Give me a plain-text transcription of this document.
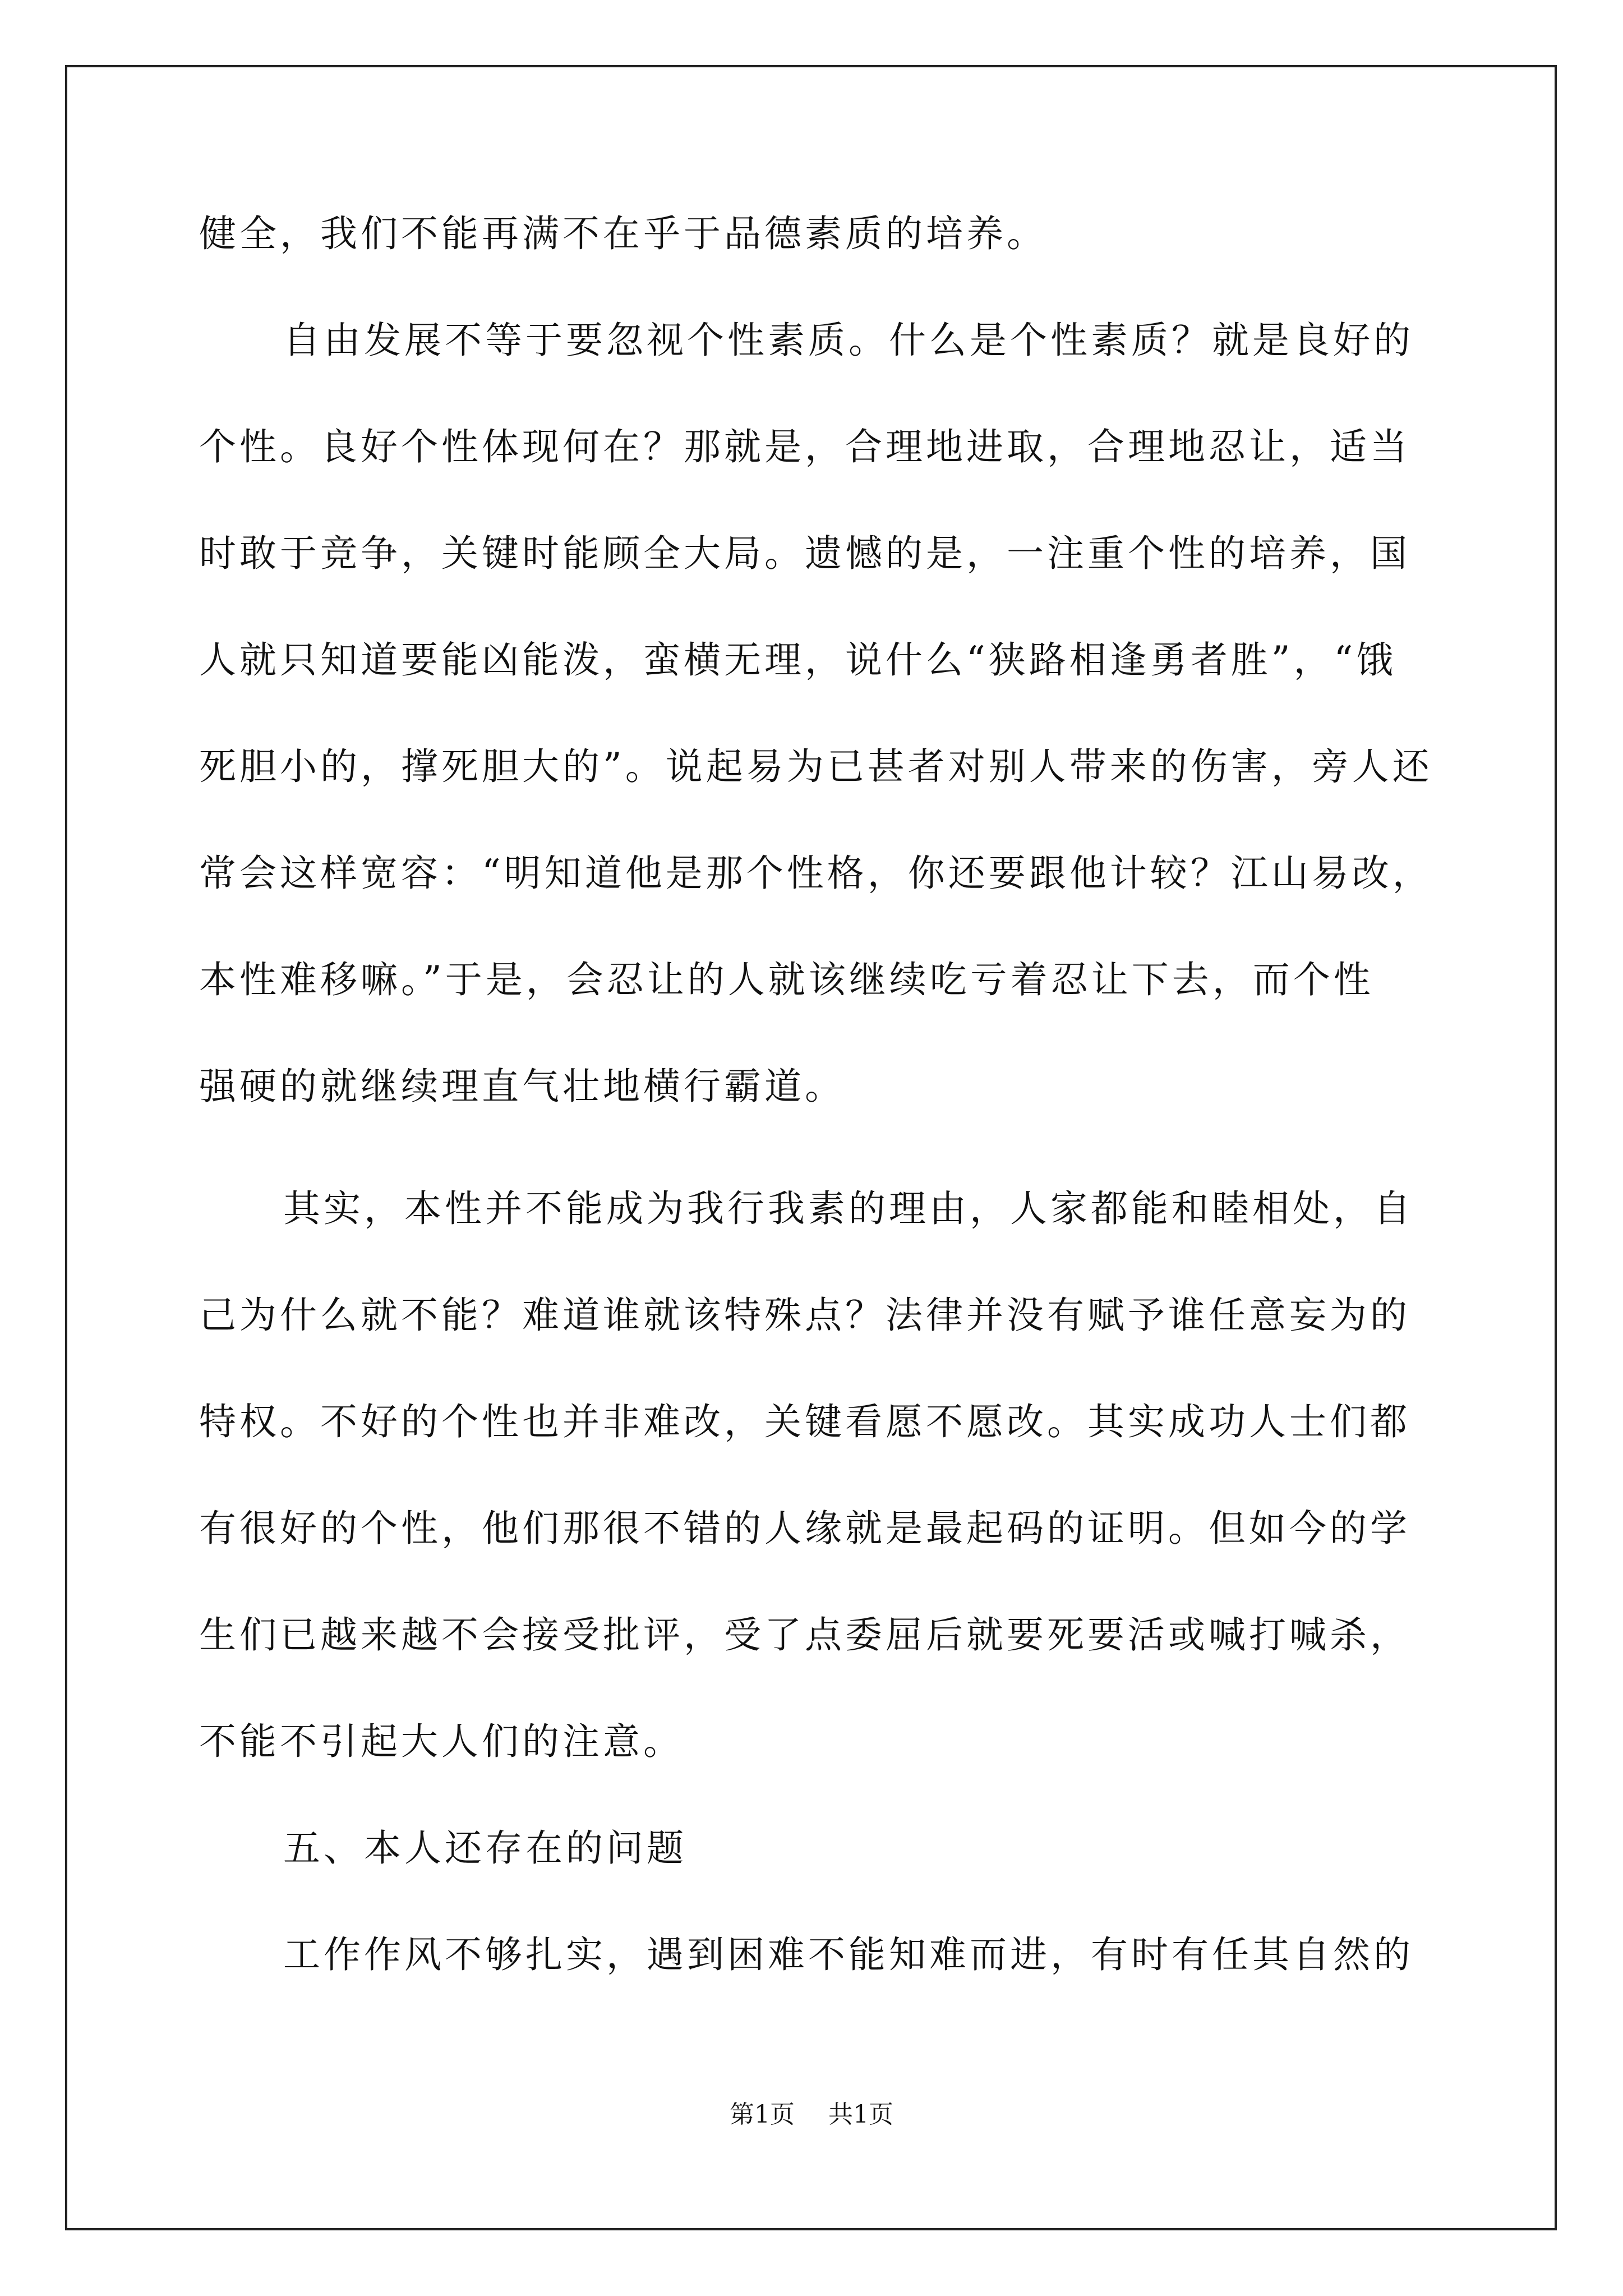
健全，我们不能再满不在乎于品德素质的培养。

自由发展不等于要忽视个性素质。什么是个性素质？就是良好的

个性。良好个性体现何在？那就是，合理地进取，合理地忍让，适当

时敢于竞争，关键时能顾全大局。遗憾的是，一注重个性的培养，国

人就只知道要能凶能泼，蛮横无理，说什么“狭路相逢勇者胜”，“饿

死胆小的，撑死胆大的”。说起易为已甚者对别人带来的伤害，旁人还

常会这样宽容：“明知道他是那个性格，你还要跟他计较？江山易改，

本性难移嘛。”于是，会忍让的人就该继续吃亏着忍让下去，而个性

强硬的就继续理直气壮地横行霸道。

其实，本性并不能成为我行我素的理由，人家都能和睦相处，自

己为什么就不能？难道谁就该特殊点？法律并没有赋予谁任意妄为的

特权。不好的个性也并非难改，关键看愿不愿改。其实成功人士们都

有很好的个性，他们那很不错的人缘就是最起码的证明。但如今的学

生们已越来越不会接受批评，受了点委屈后就要死要活或喊打喊杀，

不能不引起大人们的注意。

五、本人还存在的问题

工作作风不够扎实，遇到困难不能知难而进，有时有任其自然的

第1页 共1页
